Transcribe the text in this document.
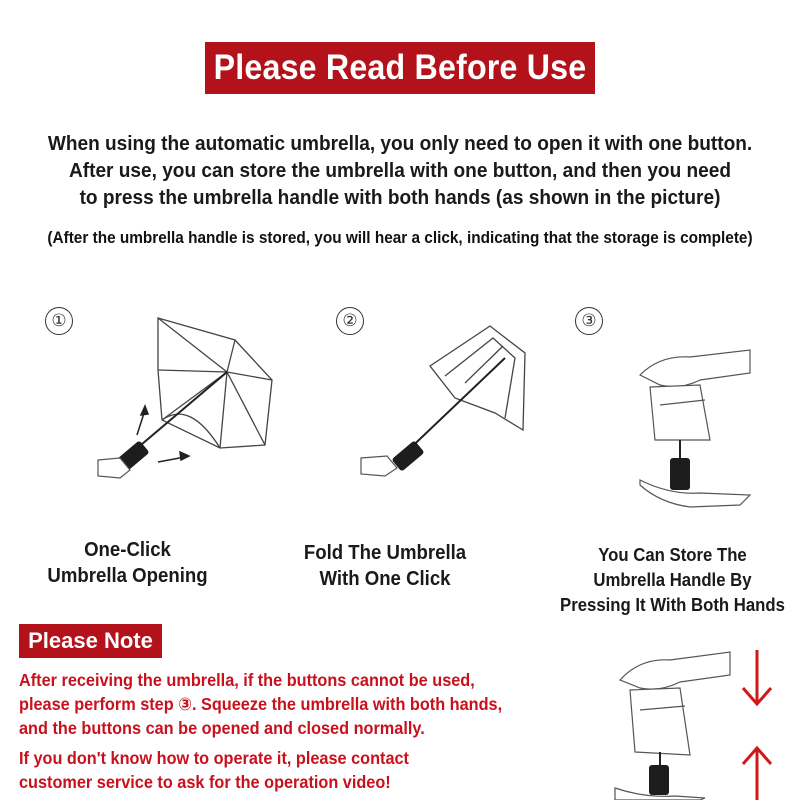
Please Read Before Use
When using the automatic umbrella, you only need to open it with one button.
After use, you can store the umbrella with one button, and then you need
to press the umbrella handle with both hands (as shown in the picture)
(After the umbrella handle is stored, you will hear a click, indicating that the storage is complete)
①
One-Click
Umbrella Opening
②
Fold The Umbrella
With One Click
③
You Can Store The
Umbrella Handle By
Pressing It With Both Hands
Please Note
After receiving the umbrella, if the buttons cannot be used,
please perform step ③. Squeeze the umbrella with both hands,
and the buttons can be opened and closed normally.
If you don't know how to operate it, please contact
customer service to ask for the operation video!
